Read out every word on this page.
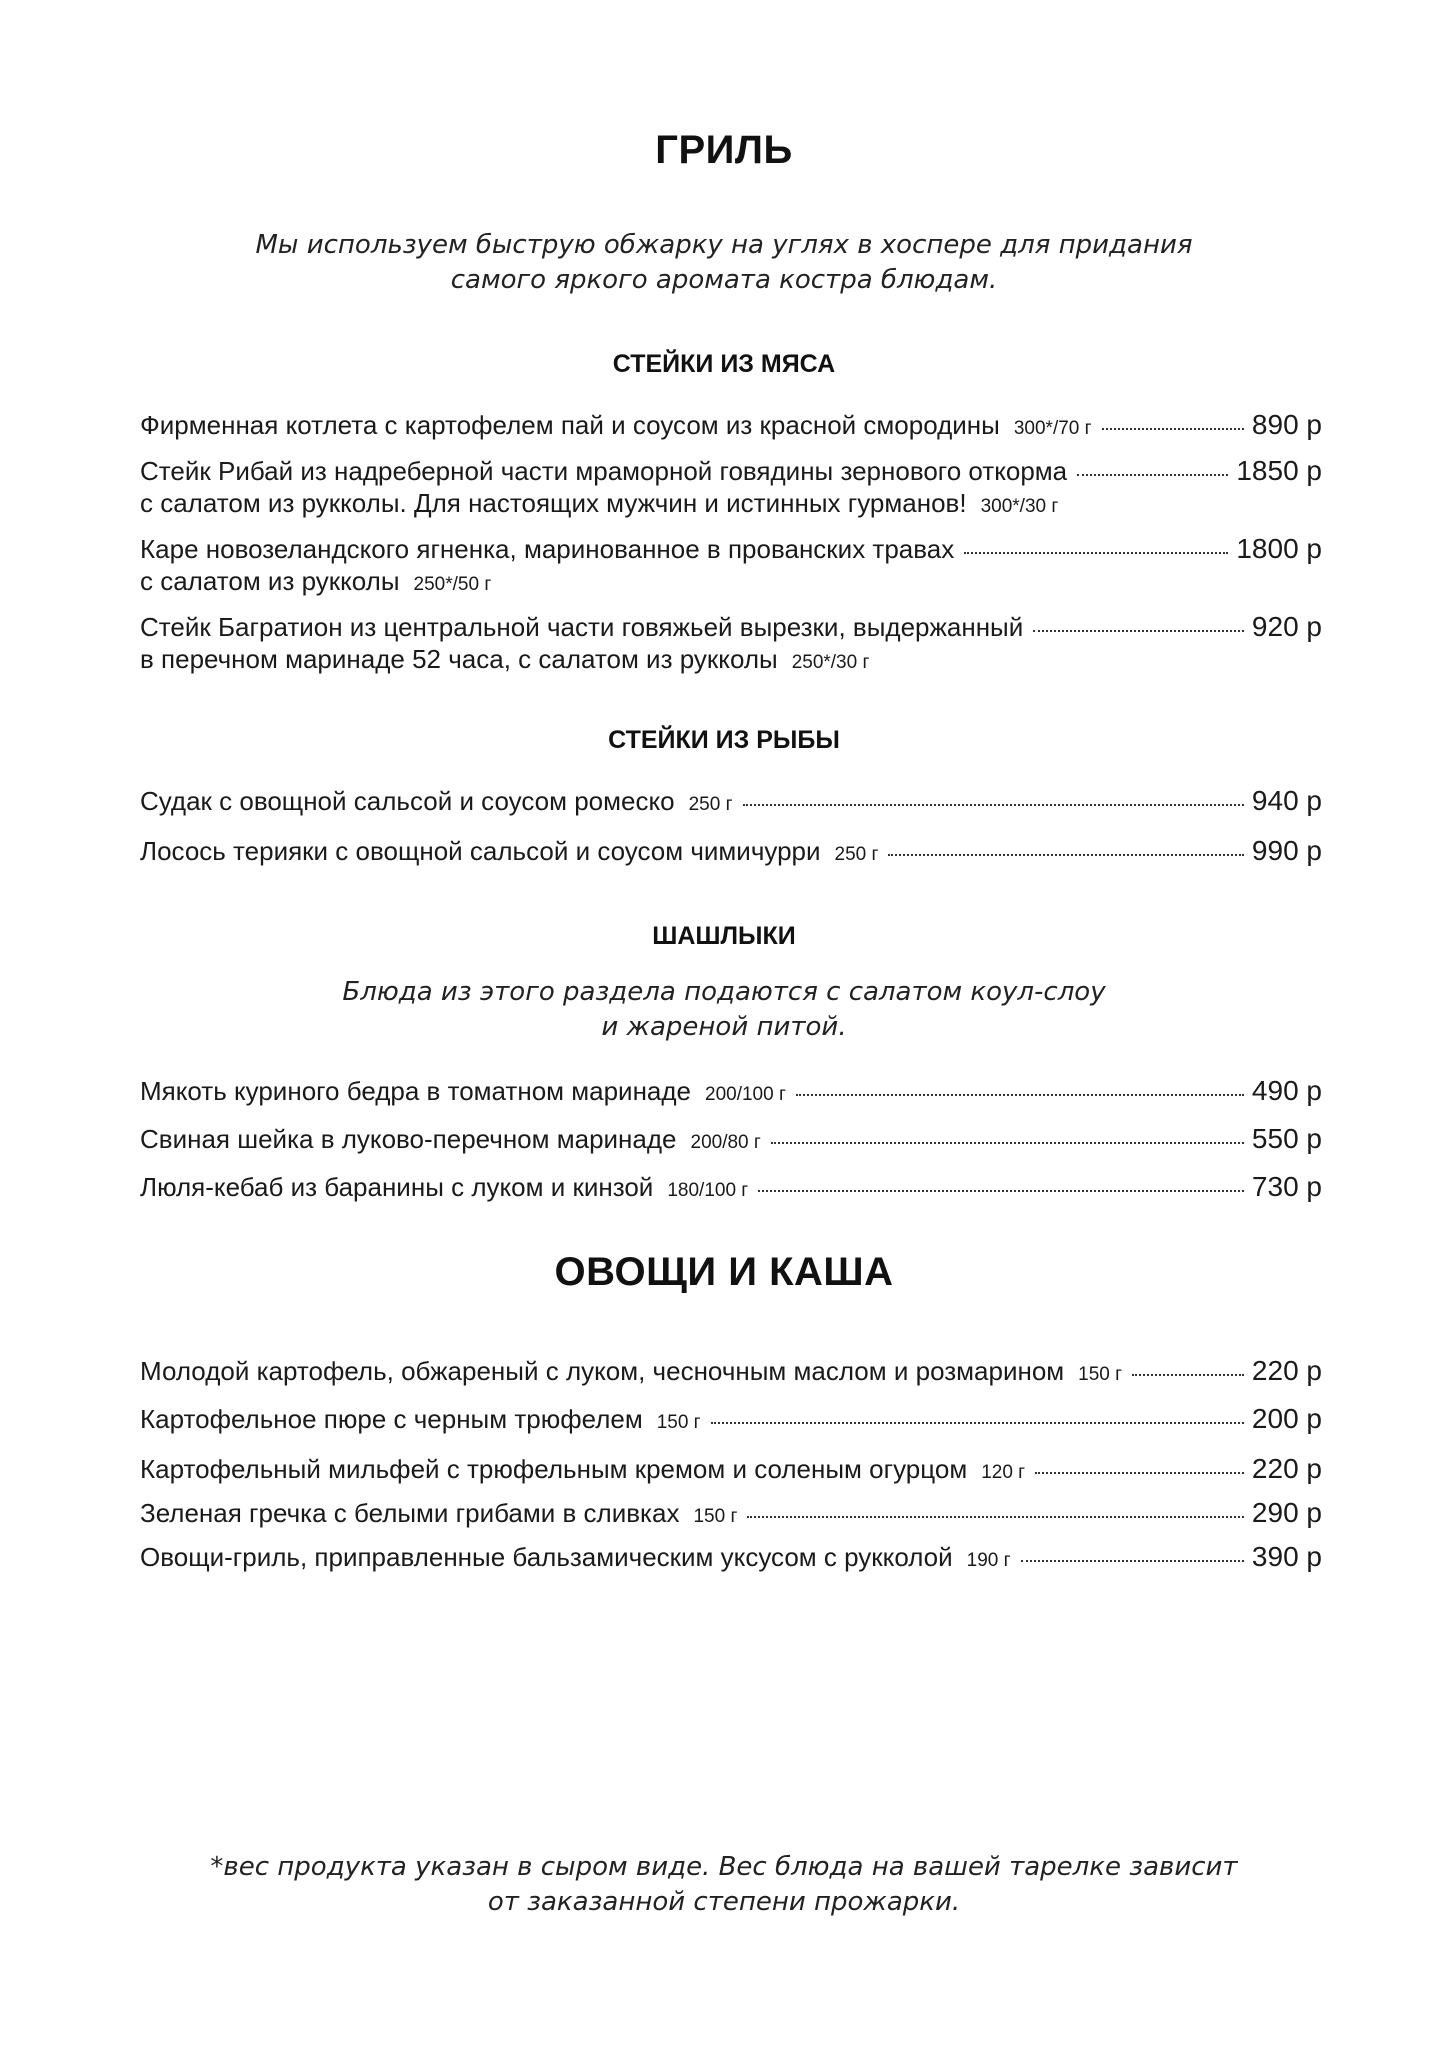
ГРИЛЬ
Мы используем быструю обжарку на углях в хоспере для придания
самого яркого аромата костра блюдам.
СТЕЙКИ ИЗ МЯСА
Фирменная котлета с картофелем пай и соусом из красной смородины 300*/70 г	890 р
Стейк Рибай из надреберной части мраморной говядины зернового откорма	1850 р
с салатом из рукколы. Для настоящих мужчин и истинных гурманов! 300*/30 г
Каре новозеландского ягненка, маринованное в прованских травах	1800 р
с салатом из рукколы 250*/50 г
Стейк Багратион из центральной части говяжьей вырезки, выдержанный	920 р
в перечном маринаде 52 часа, с салатом из рукколы 250*/30 г
СТЕЙКИ ИЗ РЫБЫ
Судак с овощной сальсой и соусом ромеско 250 г	940 р
Лосось терияки с овощной сальсой и соусом чимичурри 250 г	990 р
ШАШЛЫКИ
Блюда из этого раздела подаются с салатом коул-слоу
и жареной питой.
Мякоть куриного бедра в томатном маринаде 200/100 г	490 р
Свиная шейка в луково-перечном маринаде 200/80 г	550 р
Люля-кебаб из баранины с луком и кинзой 180/100 г	730 р
ОВОЩИ И КАША
Молодой картофель, обжареный с луком, чесночным маслом и розмарином 150 г	220 р
Картофельное пюре с черным трюфелем 150 г	200 р
Картофельный мильфей с трюфельным кремом и соленым огурцом 120 г	220 р
Зеленая гречка с белыми грибами в сливках 150 г	290 р
Овощи-гриль, приправленные бальзамическим уксусом с рукколой 190 г	390 р
*вес продукта указан в сыром виде. Вес блюда на вашей тарелке зависит
от заказанной степени прожарки.
